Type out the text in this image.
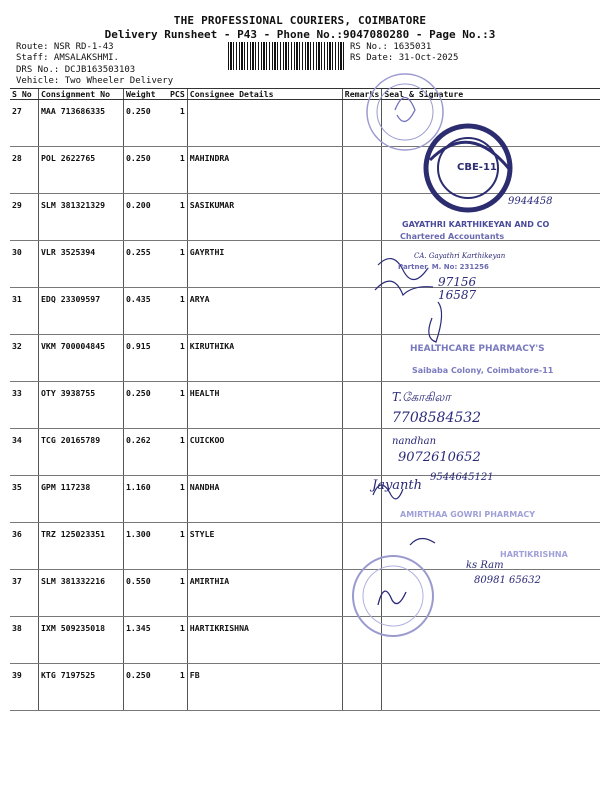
THE PROFESSIONAL COURIERS, COIMBATORE
Delivery Runsheet - P43 - Phone No.:9047080280 - Page No.:3
Route: NSR RD-1-43
Staff: AMSALAKSHMI.
DRS No.: DCJB163503103
Vehicle: Two Wheeler Delivery
RS No.: 1635031
RS Date: 31-Oct-2025
S No	Consignment No	Weight	PCS	Consignee Details	Remarks	Seal & Signature
27	MAA 713686335	0.250	1			
28	POL 2622765	0.250	1	MAHINDRA		
29	SLM 381321329	0.200	1	SASIKUMAR		
30	VLR 3525394	0.255	1	GAYRTHI		
31	EDQ 23309597	0.435	1	ARYA		
32	VKM 700004845	0.915	1	KIRUTHIKA		
33	OTY 3938755	0.250	1	HEALTH		
34	TCG 20165789	0.262	1	CUICKOO		
35	GPM 117238	1.160	1	NANDHA		
36	TRZ 125023351	1.300	1	STYLE		
37	SLM 381332216	0.550	1	AMIRTHIA		
38	IXM 509235018	1.345	1	HARTIKRISHNA		
39	KTG 7197525	0.250	1	FB		
CBE-11
9944458
GAYATHRI KARTHIKEYAN AND CO
Chartered Accountants
CA. Gayathri Karthikeyan
Partner, M. No: 231256
97156 16587
HEALTHCARE PHARMACY'S
Saibaba Colony, Coimbatore-11
T.கோகிலா
7708584532
nandhan
9072610652
Jayanth
9544645121
AMIRTHAA GOWRI PHARMACY
HARTIKRISHNA
ks Ram
80981 65632
